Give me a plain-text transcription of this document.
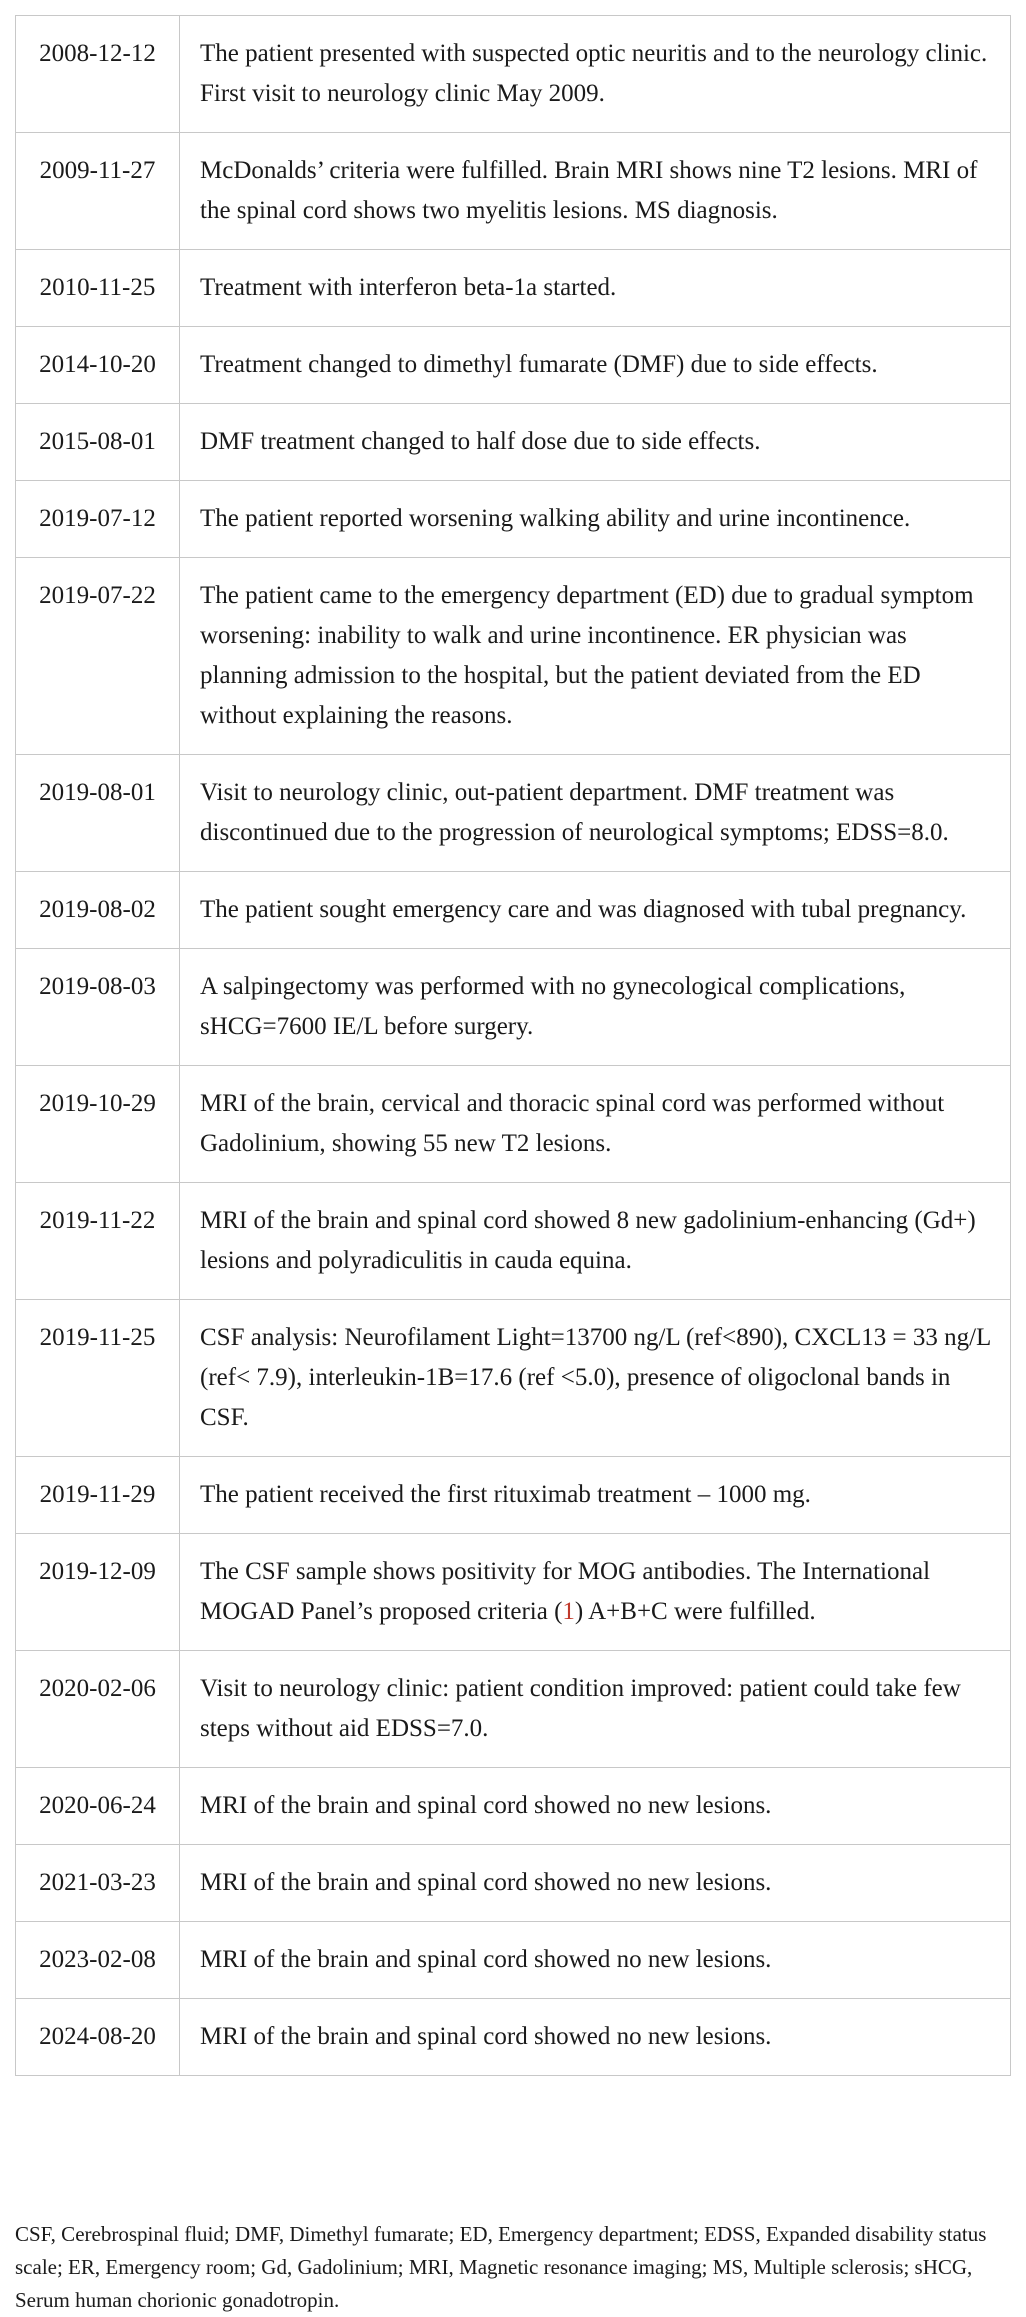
2008-12-12	The patient presented with suspected optic neuritis and to the neurology clinic. First visit to neurology clinic May 2009.
2009-11-27	McDonalds’ criteria were fulfilled. Brain MRI shows nine T2 lesions. MRI of the spinal cord shows two myelitis lesions. MS diagnosis.
2010-11-25	Treatment with interferon beta-1a started.
2014-10-20	Treatment changed to dimethyl fumarate (DMF) due to side effects.
2015-08-01	DMF treatment changed to half dose due to side effects.
2019-07-12	The patient reported worsening walking ability and urine incontinence.
2019-07-22	The patient came to the emergency department (ED) due to gradual symptom worsening: inability to walk and urine incontinence. ER physician was planning admission to the hospital, but the patient deviated from the ED without explaining the reasons.
2019-08-01	Visit to neurology clinic, out-patient department. DMF treatment was discontinued due to the progression of neurological symptoms; EDSS=8.0.
2019-08-02	The patient sought emergency care and was diagnosed with tubal pregnancy.
2019-08-03	A salpingectomy was performed with no gynecological complications, sHCG=7600 IE/L before surgery.
2019-10-29	MRI of the brain, cervical and thoracic spinal cord was performed without Gadolinium, showing 55 new T2 lesions.
2019-11-22	MRI of the brain and spinal cord showed 8 new gadolinium-enhancing (Gd+) lesions and polyradiculitis in cauda equina.
2019-11-25	CSF analysis: Neurofilament Light=13700 ng/L (ref<890), CXCL13 = 33 ng/L (ref< 7.9), interleukin-1B=17.6 (ref <5.0), presence of oligoclonal bands in CSF.
2019-11-29	The patient received the first rituximab treatment – 1000 mg.
2019-12-09	The CSF sample shows positivity for MOG antibodies. The International MOGAD Panel’s proposed criteria (1) A+B+C were fulfilled.
2020-02-06	Visit to neurology clinic: patient condition improved: patient could take few steps without aid EDSS=7.0.
2020-06-24	MRI of the brain and spinal cord showed no new lesions.
2021-03-23	MRI of the brain and spinal cord showed no new lesions.
2023-02-08	MRI of the brain and spinal cord showed no new lesions.
2024-08-20	MRI of the brain and spinal cord showed no new lesions.

CSF, Cerebrospinal fluid; DMF, Dimethyl fumarate; ED, Emergency department; EDSS, Expanded disability status scale; ER, Emergency room; Gd, Gadolinium; MRI, Magnetic resonance imaging; MS, Multiple sclerosis; sHCG, Serum human chorionic gonadotropin.
